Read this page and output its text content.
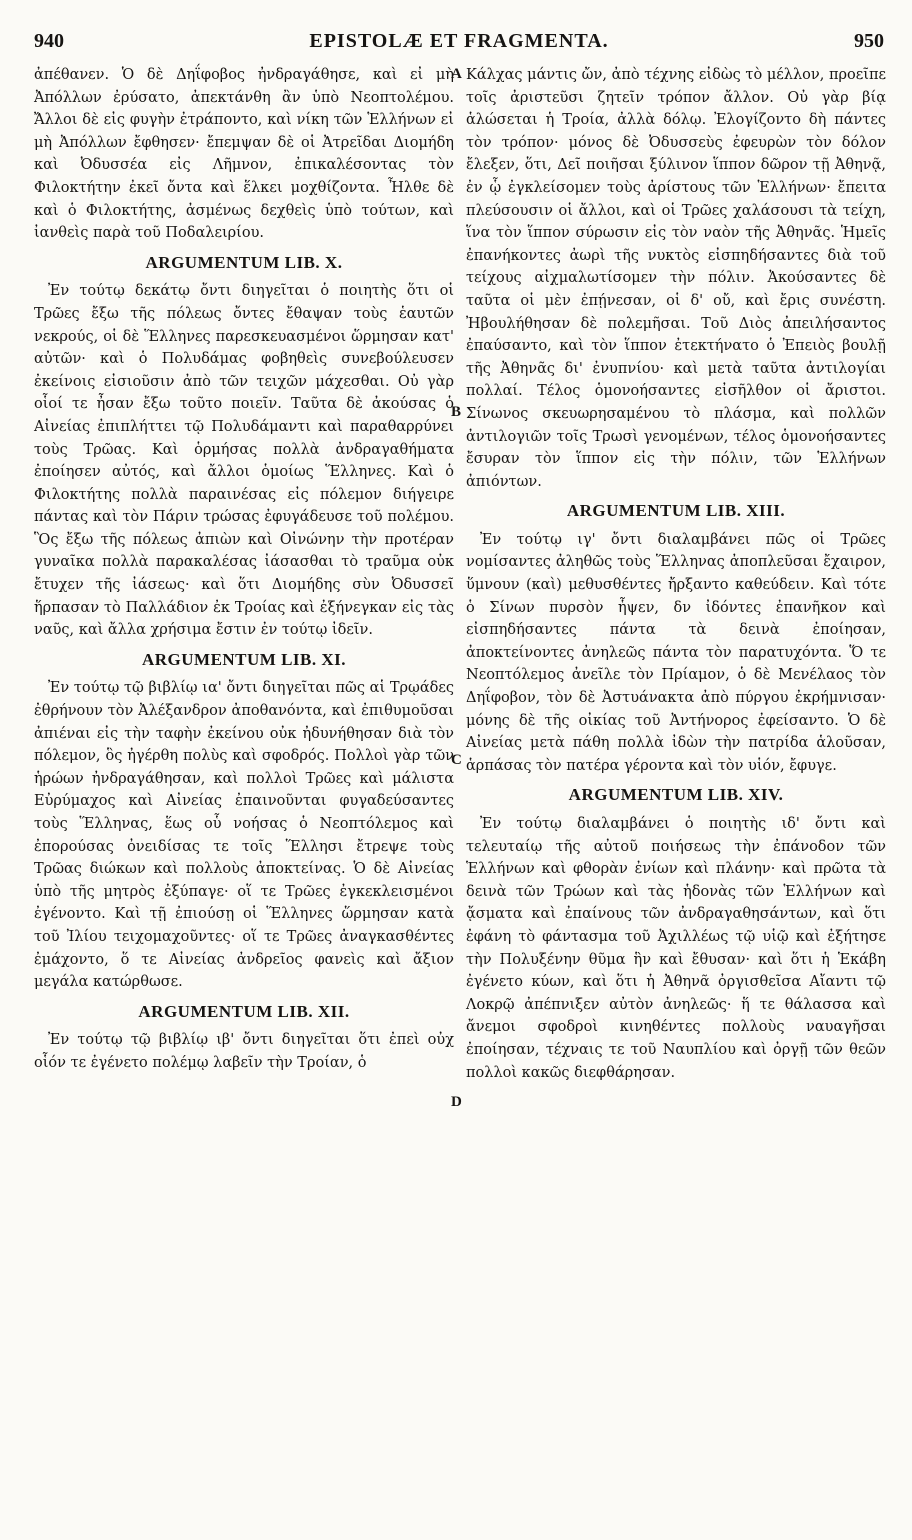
940	EPISTOLÆ ET FRAGMENTA.	950

ἀπέθανεν. Ὁ δὲ Δηΐφοβος ἠνδραγάθησε, καὶ εἰ μὴ Ἀπόλλων ἐρύσατο, ἀπεκτάνθη ἂν ὑπὸ Νεοπτολέμου. Ἄλλοι δὲ εἰς φυγὴν ἐτράποντο, καὶ νίκη τῶν Ἑλλήνων εἰ μὴ Ἀπόλλων ἔφθησεν· ἔπεμψαν δὲ οἱ Ἀτρεῖδαι Διομήδη καὶ Ὀδυσσέα εἰς Λῆμνον, ἐπικαλέσοντας τὸν Φιλοκτήτην ἐκεῖ ὄντα καὶ ἕλκει μοχθίζοντα. Ἦλθε δὲ καὶ ὁ Φιλοκτήτης, ἀσμένως δεχθεὶς ὑπὸ τούτων, καὶ ἰανθεὶς παρὰ τοῦ Ποδαλειρίου.

ARGUMENTUM LIB. X.

Ἐν τούτῳ δεκάτῳ ὄντι διηγεῖται ὁ ποιητὴς ὅτι οἱ Τρῶες ἔξω τῆς πόλεως ὄντες ἔθαψαν τοὺς ἑαυτῶν νεκρούς, οἱ δὲ Ἕλληνες παρεσκευασμένοι ὥρμησαν κατ' αὐτῶν· καὶ ὁ Πολυδάμας φοβηθεὶς συνεβούλευσεν ἐκείνοις εἰσιοῦσιν ἀπὸ τῶν τειχῶν μάχεσθαι. Οὐ γὰρ οἷοί τε ἦσαν ἔξω τοῦτο ποιεῖν. Ταῦτα δὲ ἀκούσας ὁ Αἰνείας ἐπιπλήττει τῷ Πολυδάμαντι καὶ παραθαρρύνει τοὺς Τρῶας. Καὶ ὁρμήσας πολλὰ ἀνδραγαθήματα ἐποίησεν αὐτός, καὶ ἄλλοι ὁμοίως Ἕλληνες. Καὶ ὁ Φιλοκτήτης πολλὰ παραινέσας εἰς πόλεμον διήγειρε πάντας καὶ τὸν Πάριν τρώσας ἐφυγάδευσε τοῦ πολέμου. Ὃς ἔξω τῆς πόλεως ἀπιὼν καὶ Οἰνώνην τὴν προτέραν γυναῖκα πολλὰ παρακαλέσας ἰάσασθαι τὸ τραῦμα οὐκ ἔτυχεν τῆς ἰάσεως· καὶ ὅτι Διομήδης σὺν Ὀδυσσεῖ ἥρπασαν τὸ Παλλάδιον ἐκ Τροίας καὶ ἐξήνεγκαν εἰς τὰς ναῦς, καὶ ἄλλα χρήσιμα ἔστιν ἐν τούτῳ ἰδεῖν.

ARGUMENTUM LIB. XI.

Ἐν τούτῳ τῷ βιβλίῳ ια' ὄντι διηγεῖται πῶς αἱ Τρῳάδες ἐθρήνουν τὸν Ἀλέξανδρον ἀποθανόντα, καὶ ἐπιθυμοῦσαι ἀπιέναι εἰς τὴν ταφὴν ἐκείνου οὐκ ἠδυνήθησαν διὰ τὸν πόλεμον, ὃς ἠγέρθη πολὺς καὶ σφοδρός. Πολλοὶ γὰρ τῶν ἡρώων ἠνδραγάθησαν, καὶ πολλοὶ Τρῶες καὶ μάλιστα Εὐρύμαχος καὶ Αἰνείας ἐπαινοῦνται φυγαδεύσαντες τοὺς Ἕλληνας, ἕως οὗ νοήσας ὁ Νεοπτόλεμος καὶ ἐπορούσας ὀνειδίσας τε τοῖς Ἕλλησι ἔτρεψε τοὺς Τρῶας διώκων καὶ πολλοὺς ἀποκτείνας. Ὁ δὲ Αἰνείας ὑπὸ τῆς μητρὸς ἐξύπαγε· οἵ τε Τρῶες ἐγκεκλεισμένοι ἐγένοντο. Καὶ τῇ ἐπιούσῃ οἱ Ἕλληνες ὥρμησαν κατὰ τοῦ Ἰλίου τειχομαχοῦντες· οἵ τε Τρῶες ἀναγκασθέντες ἐμάχοντο, ὅ τε Αἰνείας ἀνδρεῖος φανεὶς καὶ ἄξιον μεγάλα κατώρθωσε.

ARGUMENTUM LIB. XII.

Ἐν τούτῳ τῷ βιβλίῳ ιβ' ὄντι διηγεῖται ὅτι ἐπεὶ οὐχ οἷόν τε ἐγένετο πολέμῳ λαβεῖν τὴν Τροίαν, ὁ

Κάλχας μάντις ὤν, ἀπὸ τέχνης εἰδὼς τὸ μέλλον, προεῖπε τοῖς ἀριστεῦσι ζητεῖν τρόπον ἄλλον. Οὐ γὰρ βίᾳ ἁλώσεται ἡ Τροία, ἀλλὰ δόλῳ. Ἐλογίζοντο δὴ πάντες τὸν τρόπον· μόνος δὲ Ὀδυσσεὺς ἐφευρὼν τὸν δόλον ἔλεξεν, ὅτι, Δεῖ ποιῆσαι ξύλινον ἵππον δῶρον τῇ Ἀθηνᾷ, ἐν ᾧ ἐγκλείσομεν τοὺς ἀρίστους τῶν Ἑλλήνων· ἔπειτα πλεύσουσιν οἱ ἄλλοι, καὶ οἱ Τρῶες χαλάσουσι τὰ τείχη, ἵνα τὸν ἵππον σύρωσιν εἰς τὸν ναὸν τῆς Ἀθηνᾶς. Ἡμεῖς ἐπανήκοντες ἀωρὶ τῆς νυκτὸς εἰσπηδήσαντες διὰ τοῦ τείχους αἰχμαλωτίσομεν τὴν πόλιν. Ἀκούσαντες δὲ ταῦτα οἱ μὲν ἐπῄνεσαν, οἱ δ' οὔ, καὶ ἔρις συνέστη. Ἠβουλήθησαν δὲ πολεμῆσαι. Τοῦ Διὸς ἀπειλήσαντος ἐπαύσαντο, καὶ τὸν ἵππον ἐτεκτήνατο ὁ Ἐπειὸς βουλῇ τῆς Ἀθηνᾶς δι' ἐνυπνίου· καὶ μετὰ ταῦτα ἀντιλογίαι πολλαί. Τέλος ὁμονοήσαντες εἰσῆλθον οἱ ἄριστοι. Σίνωνος σκευωρησαμένου τὸ πλάσμα, καὶ πολλῶν ἀντιλογιῶν τοῖς Τρωσὶ γενομένων, τέλος ὁμονοήσαντες ἔσυραν τὸν ἵππον εἰς τὴν πόλιν, τῶν Ἑλλήνων ἀπιόντων.

ARGUMENTUM LIB. XIII.

Ἐν τούτῳ ιγ' ὄντι διαλαμβάνει πῶς οἱ Τρῶες νομίσαντες ἀληθῶς τοὺς Ἕλληνας ἀποπλεῦσαι ἔχαιρον, ὕμνουν (καὶ) μεθυσθέντες ἤρξαντο καθεύδειν. Καὶ τότε ὁ Σίνων πυρσὸν ἧψεν, δν ἰδόντες ἐπανῆκον καὶ εἰσπηδήσαντες πάντα τὰ δεινὰ ἐποίησαν, ἀποκτείνοντες ἀνηλεῶς πάντα τὸν παρατυχόντα. Ὅ τε Νεοπτόλεμος ἀνεῖλε τὸν Πρίαμον, ὁ δὲ Μενέλαος τὸν Δηΐφοβον, τὸν δὲ Ἀστυάνακτα ἀπὸ πύργου ἐκρήμνισαν· μόνης δὲ τῆς οἰκίας τοῦ Ἀντήνορος ἐφείσαντο. Ὁ δὲ Αἰνείας μετὰ πάθη πολλὰ ἰδὼν τὴν πατρίδα ἁλοῦσαν, ἁρπάσας τὸν πατέρα γέροντα καὶ τὸν υἱόν, ἔφυγε.

ARGUMENTUM LIB. XIV.

Ἐν τούτῳ διαλαμβάνει ὁ ποιητὴς ιδ' ὄντι καὶ τελευταίῳ τῆς αὐτοῦ ποιήσεως τὴν ἐπάνοδον τῶν Ἑλλήνων καὶ φθορὰν ἐνίων καὶ πλάνην· καὶ πρῶτα τὰ δεινὰ τῶν Τρώων καὶ τὰς ἡδονὰς τῶν Ἑλλήνων καὶ ᾄσματα καὶ ἐπαίνους τῶν ἀνδραγαθησάντων, καὶ ὅτι ἐφάνη τὸ φάντασμα τοῦ Ἀχιλλέως τῷ υἱῷ καὶ ἐξήτησε τὴν Πολυξένην θῦμα ἣν καὶ ἔθυσαν· καὶ ὅτι ἡ Ἑκάβη ἐγένετο κύων, καὶ ὅτι ἡ Ἀθηνᾶ ὀργισθεῖσα Αἴαντι τῷ Λοκρῷ ἀπέπνιξεν αὐτὸν ἀνηλεῶς· ἥ τε θάλασσα καὶ ἄνεμοι σφοδροὶ κινηθέντες πολλοὺς ναυαγῆσαι ἐποίησαν, τέχναις τε τοῦ Ναυπλίου καὶ ὀργῇ τῶν θεῶν πολλοὶ κακῶς διεφθάρησαν.

A
B
C
D
